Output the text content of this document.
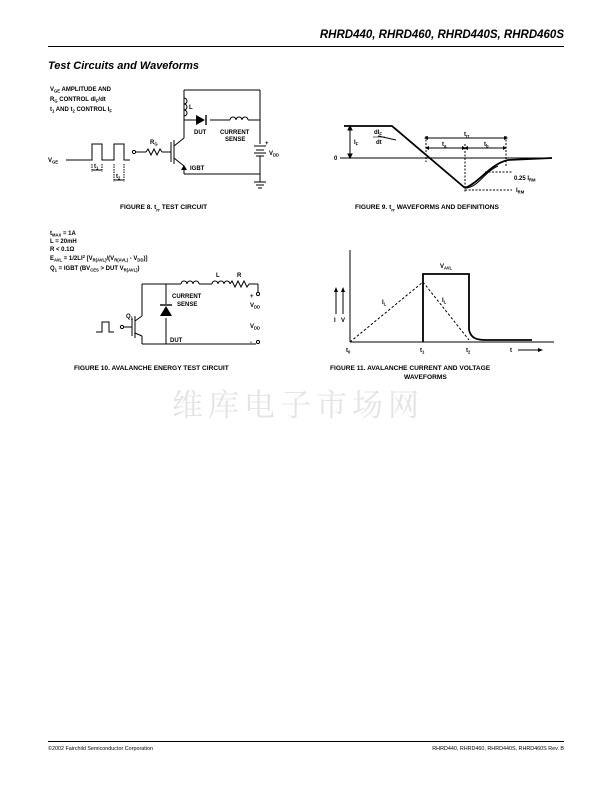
RHRD440, RHRD460, RHRD440S, RHRD460S
Test Circuits and Waveforms
$V_{GE}$ AMPLITUDE AND
$R_G$ CONTROL $dI_F/dt$
$t_1$ AND $t_2$ CONTROL $I_F$
$V_{GE}$
$t_1$
$t_2$
$R_G$
L
DUT CURRENT
SENSE
+
$V_{DD}$
IGBT
FIGURE 8. $t_{rr}$ TEST CIRCUIT
$I_F$
$dI_F$
dt
0
$t_{rr}$
$t_a$	$t_b$
0.25 $I_{RM}$
$I_{RM}$
FIGURE 9. $t_{rr}$ WAVEFORMS AND DEFINITIONS
$t_{MAX} = 1A$
L = 20mH
R < 0.1Ω
$E_{AVL} = 1/2LI^2$ $[V_{R(AVL)}/(V_{R(AVL)} - V_{DD})]$
$Q_1$ = IGBT ($BV_{CES}$ > DUT $V_{R(AVL)}$)
L	R
CURRENT
SENSE
+
$V_{DD}$
$V_{DD}$
-
$Q_1$
DUT
FIGURE 10. AVALANCHE ENERGY TEST CIRCUIT
$V_{AVL}$
$I_L$	$I_L$
I V
$t_0$	$t_1$	$t_2$	t
FIGURE 11. AVALANCHE CURRENT AND VOLTAGE
WAVEFORMS
维库电子市场网
©2002 Fairchild Semiconductor Corporation	RHRD440, RHRD460, RHRD440S, RHRD460S Rev. B
